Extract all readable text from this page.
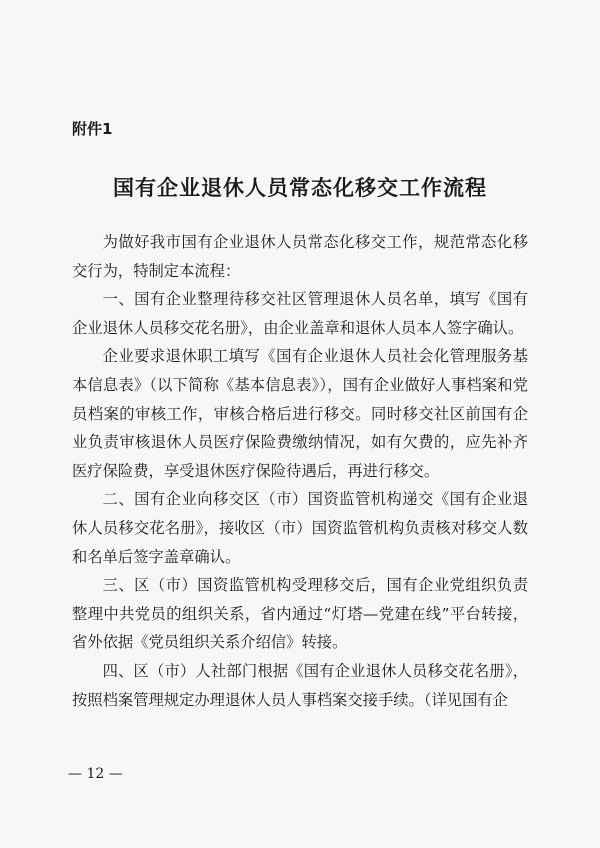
附件1

国有企业退休人员常态化移交工作流程

为做好我市国有企业退休人员常态化移交工作，规范常态化移交行为，特制定本流程：

一、国有企业整理待移交社区管理退休人员名单，填写《国有企业退休人员移交花名册》，由企业盖章和退休人员本人签字确认。

企业要求退休职工填写《国有企业退休人员社会化管理服务基本信息表》（以下简称《基本信息表》），国有企业做好人事档案和党员档案的审核工作，审核合格后进行移交。同时移交社区前国有企业负责审核退休人员医疗保险费缴纳情况，如有欠费的，应先补齐医疗保险费，享受退休医疗保险待遇后，再进行移交。

二、国有企业向移交区（市）国资监管机构递交《国有企业退休人员移交花名册》，接收区（市）国资监管机构负责核对移交人数和名单后签字盖章确认。

三、区（市）国资监管机构受理移交后，国有企业党组织负责整理中共党员的组织关系，省内通过“灯塔—党建在线”平台转接，省外依据《党员组织关系介绍信》转接。

四、区（市）人社部门根据《国有企业退休人员移交花名册》，按照档案管理规定办理退休人员人事档案交接手续。（详见国有企

— 12 —
